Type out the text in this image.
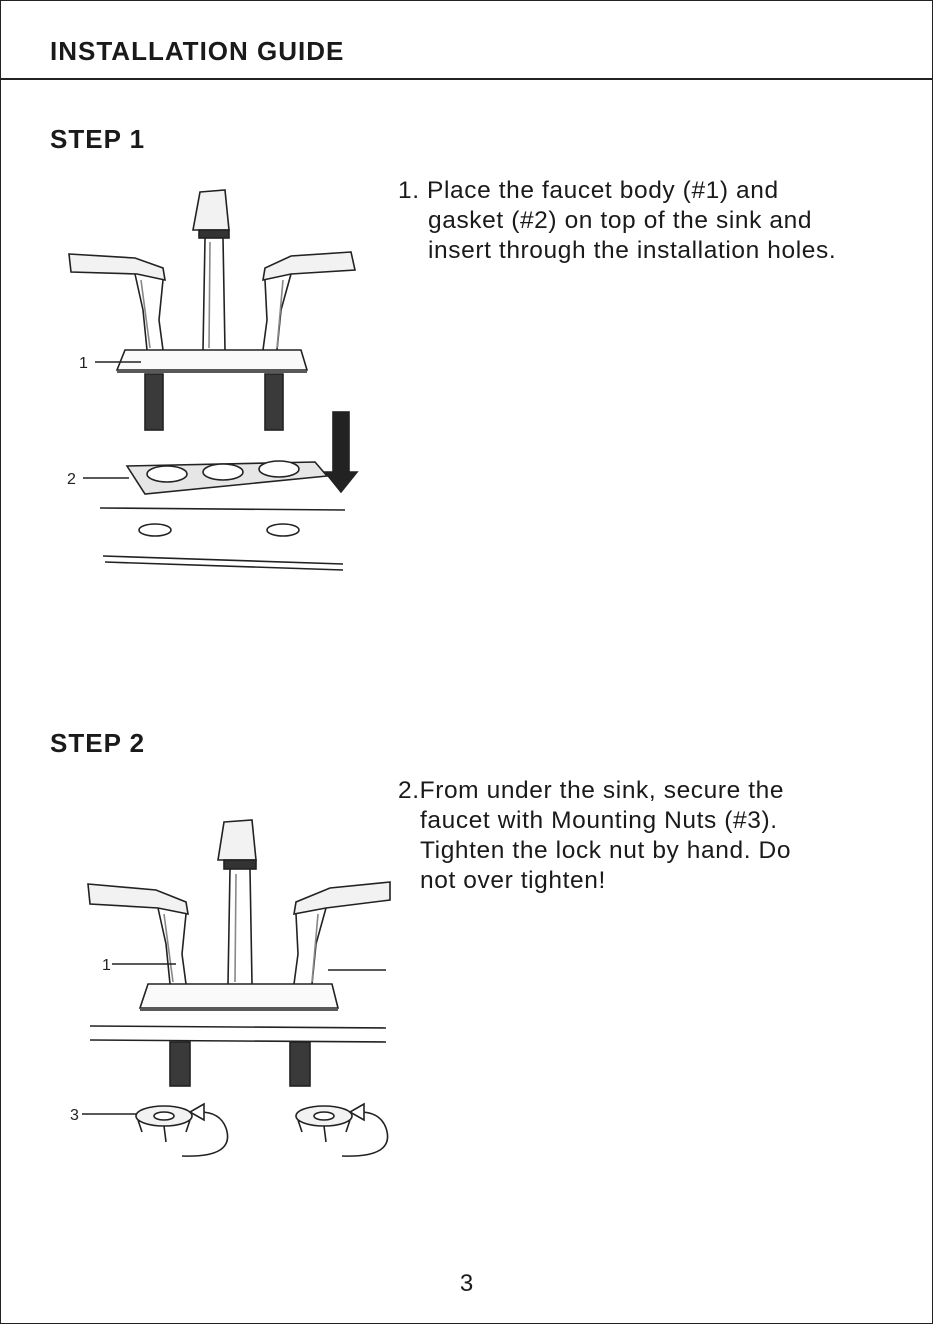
INSTALLATION GUIDE
STEP 1
1. Place the faucet body (#1) and
gasket (#2) on top of the sink and
insert through the installation holes.
1
2
STEP 2
2.From under the sink, secure the
faucet with Mounting Nuts (#3).
Tighten the lock nut by hand. Do
not over tighten!
1
3
3
